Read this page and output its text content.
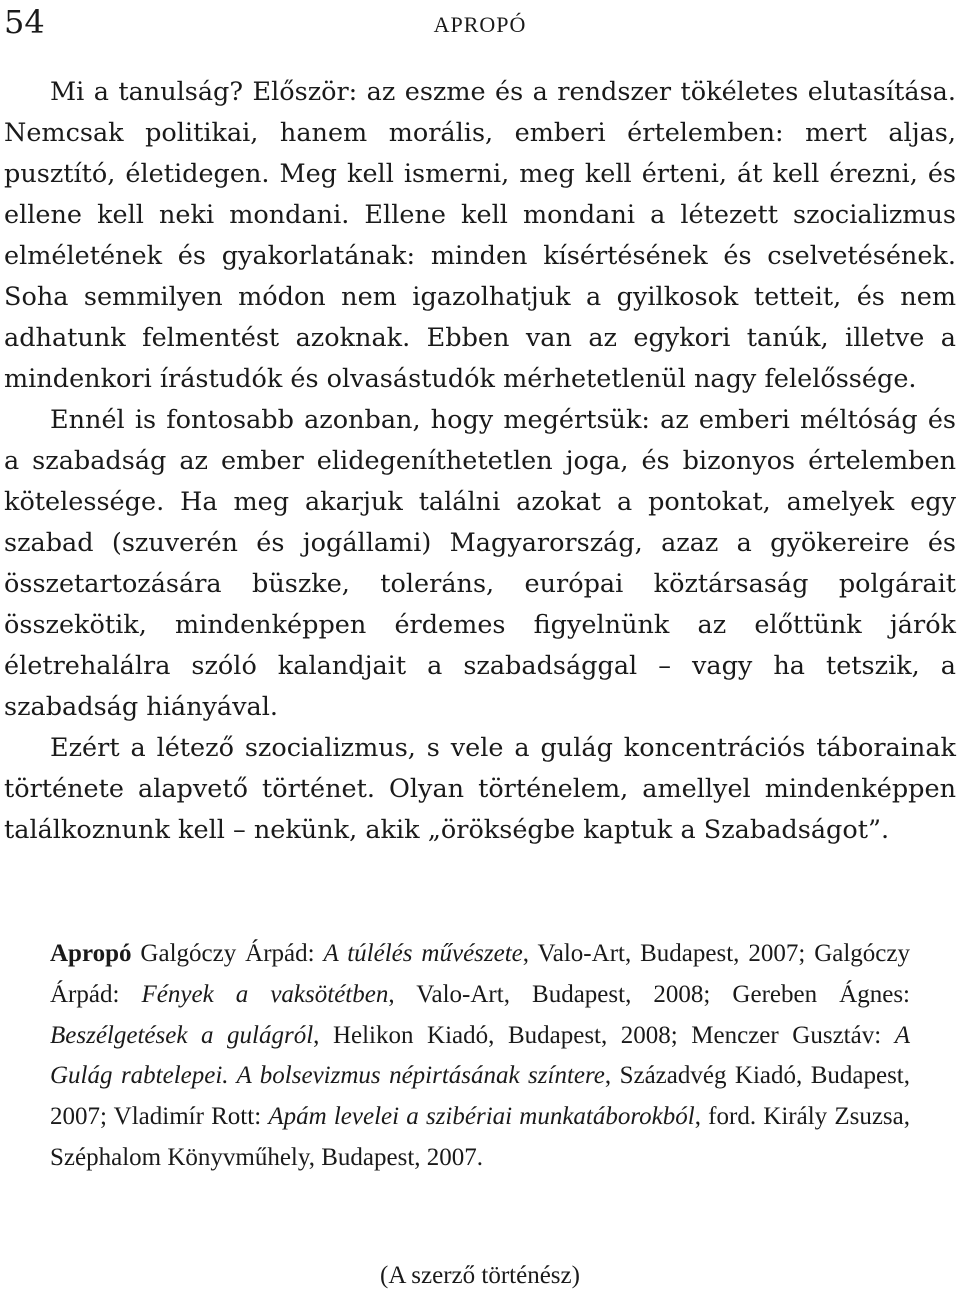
54	APROPÓ

Mi a tanulság? Először: az eszme és a rendszer tökéletes elutasítása. Nemcsak politikai, hanem morális, emberi értelemben: mert aljas, pusztító, életidegen. Meg kell ismerni, meg kell érteni, át kell érezni, és ellene kell neki mondani. Ellene kell mondani a létezett szocializmus elméletének és gyakorlatának: minden kísértésének és cselvetésének. Soha semmilyen módon nem igazolhatjuk a gyilkosok tetteit, és nem adhatunk felmentést azoknak. Ebben van az egykori tanúk, illetve a mindenkori írástudók és olvasástudók mérhetetlenül nagy felelőssége.

Ennél is fontosabb azonban, hogy megértsük: az emberi méltóság és a szabadság az ember elidegeníthetetlen joga, és bizonyos értelemben kötelessége. Ha meg akarjuk találni azokat a pontokat, amelyek egy szabad (szuverén és jogállami) Magyarország, azaz a gyökereire és összetartozására büszke, toleráns, európai köztársaság polgárait összekötik, mindenképpen érdemes figyelnünk az előttünk járók életrehalálra szóló kalandjait a szabadsággal – vagy ha tetszik, a szabadság hiányával.

Ezért a létező szocializmus, s vele a gulág koncentrációs táborainak története alapvető történet. Olyan történelem, amellyel mindenképpen találkoznunk kell – nekünk, akik „örökségbe kaptuk a Szabadságot”.

Apropó Galgóczy Árpád: A túlélés művészete, Valo-Art, Budapest, 2007; Galgóczy Árpád: Fények a vaksötétben, Valo-Art, Budapest, 2008; Gereben Ágnes: Beszélgetések a gulágról, Helikon Kiadó, Budapest, 2008; Menczer Gusztáv: A Gulág rabtelepei. A bolsevizmus népirtásának színtere, Századvég Kiadó, Budapest, 2007; Vladimír Rott: Apám levelei a szibériai munkatáborokból, ford. Király Zsuzsa, Széphalom Könyvműhely, Budapest, 2007.

(A szerző történész)
